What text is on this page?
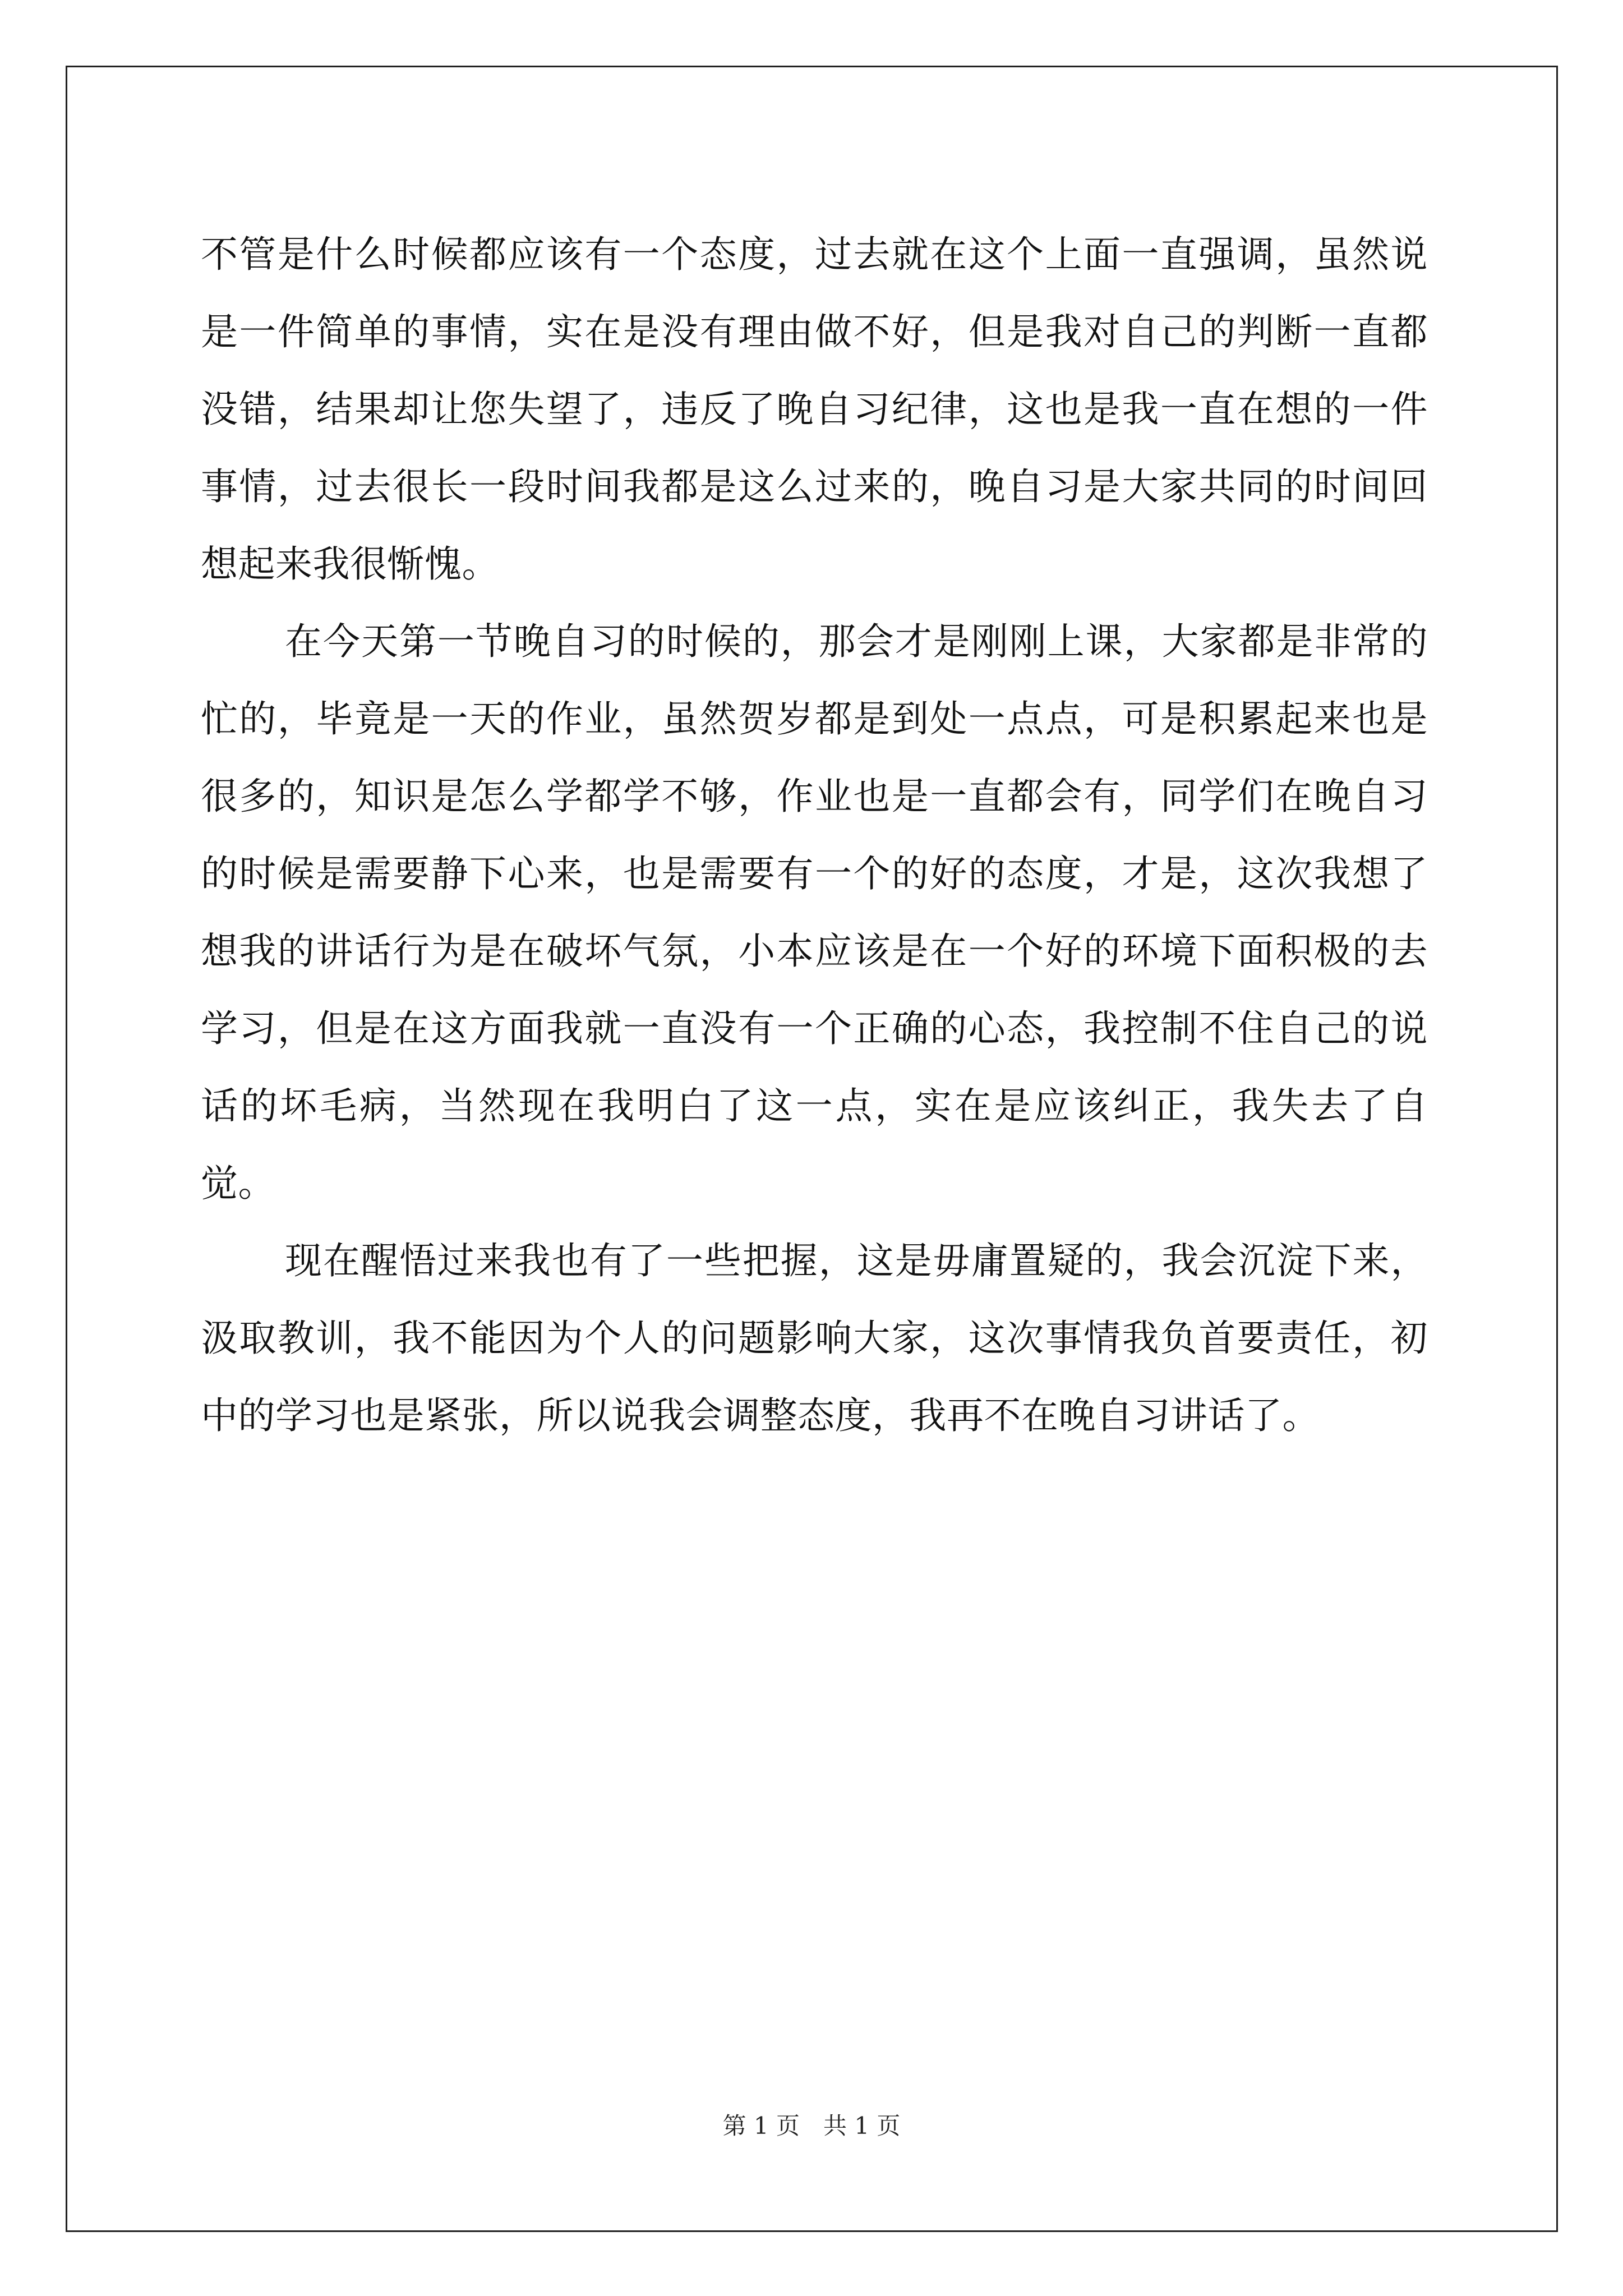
不管是什么时候都应该有一个态度，过去就在这个上面一直强调，虽然说是一件简单的事情，实在是没有理由做不好，但是我对自己的判断一直都没错，结果却让您失望了，违反了晚自习纪律，这也是我一直在想的一件事情，过去很长一段时间我都是这么过来的，晚自习是大家共同的时间回想起来我很惭愧。

在今天第一节晚自习的时候的，那会才是刚刚上课，大家都是非常的忙的，毕竟是一天的作业，虽然贺岁都是到处一点点，可是积累起来也是很多的，知识是怎么学都学不够，作业也是一直都会有，同学们在晚自习的时候是需要静下心来，也是需要有一个的好的态度，才是，这次我想了想我的讲话行为是在破坏气氛，小本应该是在一个好的环境下面积极的去学习，但是在这方面我就一直没有一个正确的心态，我控制不住自己的说话的坏毛病，当然现在我明白了这一点，实在是应该纠正，我失去了自觉。

现在醒悟过来我也有了一些把握，这是毋庸置疑的，我会沉淀下来，汲取教训，我不能因为个人的问题影响大家，这次事情我负首要责任，初中的学习也是紧张，所以说我会调整态度，我再不在晚自习讲话了。

第 1 页　共 1 页
